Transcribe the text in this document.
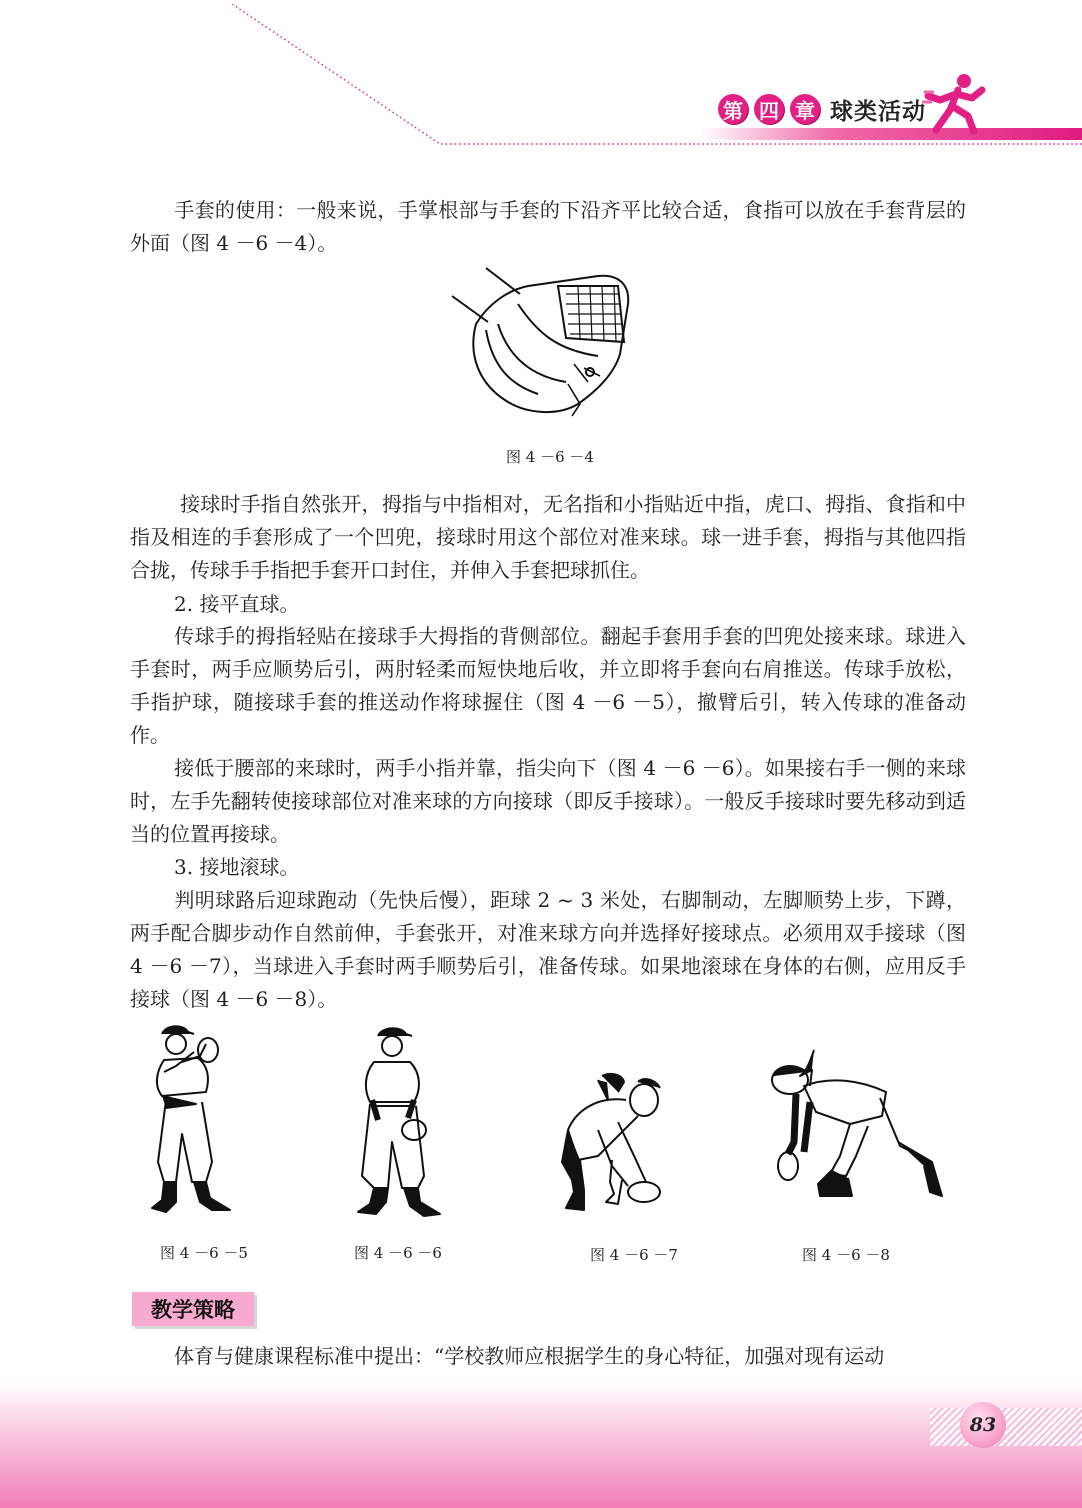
第 四 章 球类活动

手套的使用：一般来说，手掌根部与手套的下沿齐平比较合适，食指可以放在手套背层的外面（图 4 －6 －4）。

图 4 －6 －4

接球时手指自然张开，拇指与中指相对，无名指和小指贴近中指，虎口、拇指、食指和中指及相连的手套形成了一个凹兜，接球时用这个部位对准来球。球一进手套，拇指与其他四指合拢，传球手手指把手套开口封住，并伸入手套把球抓住。

2. 接平直球。

传球手的拇指轻贴在接球手大拇指的背侧部位。翻起手套用手套的凹兜处接来球。球进入手套时，两手应顺势后引，两肘轻柔而短快地后收，并立即将手套向右肩推送。传球手放松，手指护球，随接球手套的推送动作将球握住（图 4 －6 －5），撤臂后引，转入传球的准备动作。

接低于腰部的来球时，两手小指并靠，指尖向下（图 4 －6 －6）。如果接右手一侧的来球时，左手先翻转使接球部位对准来球的方向接球（即反手接球）。一般反手接球时要先移动到适当的位置再接球。

3. 接地滚球。

判明球路后迎球跑动（先快后慢），距球 2 ~ 3 米处，右脚制动，左脚顺势上步，下蹲，两手配合脚步动作自然前伸，手套张开，对准来球方向并选择好接球点。必须用双手接球（图 4 －6 －7），当球进入手套时两手顺势后引，准备传球。如果地滚球在身体的右侧，应用反手接球（图 4 －6 －8）。

图 4 －6 －5	图 4 －6 －6	图 4 －6 －7	图 4 －6 －8
教学策略

体育与健康课程标准中提出：“学校教师应根据学生的身心特征，加强对现有运动

83
